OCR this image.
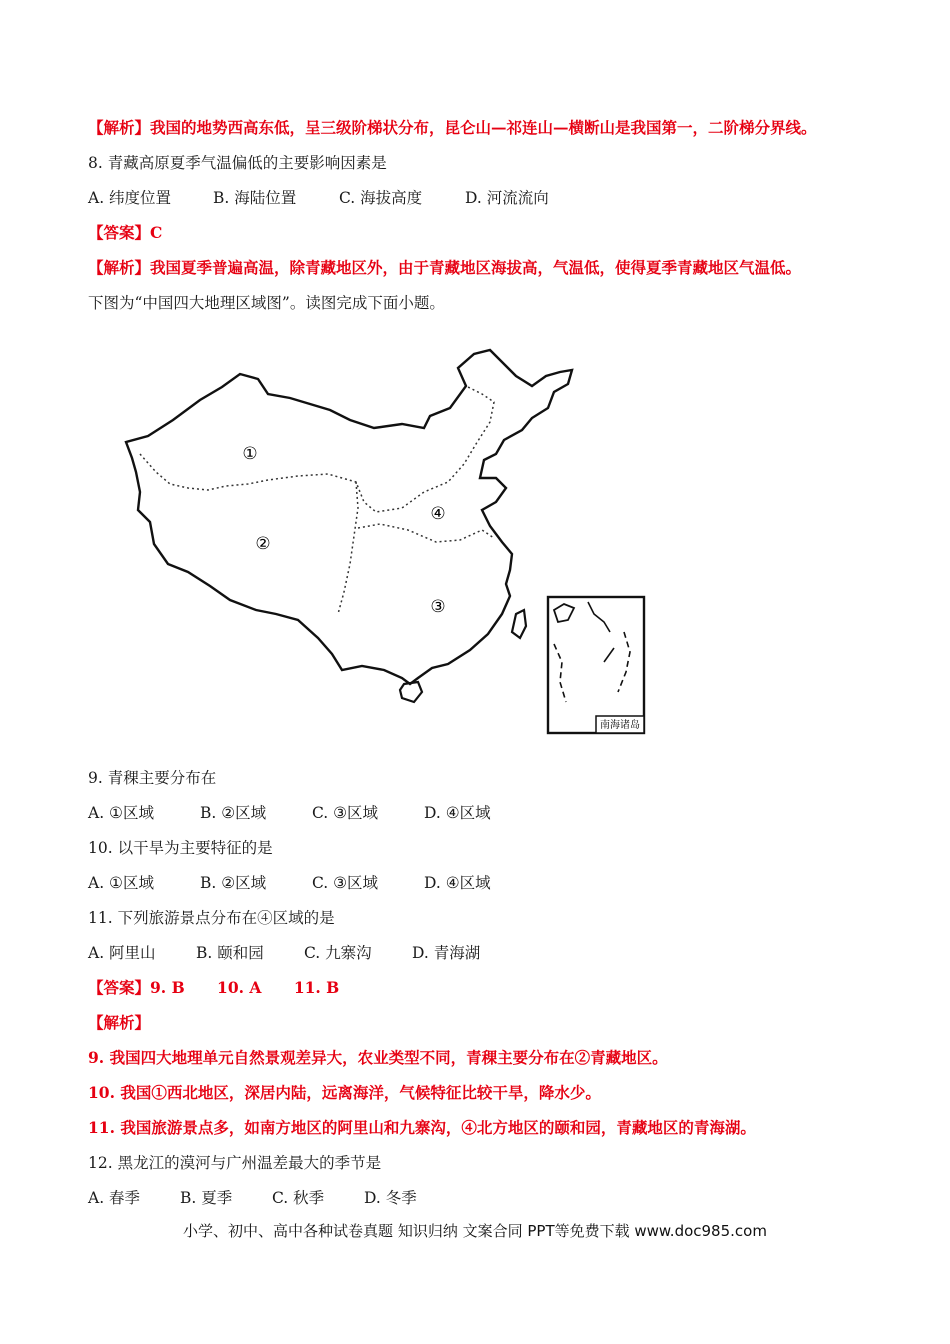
【解析】我国的地势西高东低，呈三级阶梯状分布，昆仑山—祁连山—横断山是我国第一，二阶梯分界线。
8. 青藏高原夏季气温偏低的主要影响因素是
A. 纬度位置	B. 海陆位置	C. 海拔高度	D. 河流流向
【答案】C
【解析】我国夏季普遍高温，除青藏地区外，由于青藏地区海拔高，气温低，使得夏季青藏地区气温低。
下图为“中国四大地理区域图”。读图完成下面小题。
①
②
③
④
南海诸岛
9. 青稞主要分布在
A. ①区域	B. ②区域	C. ③区域	D. ④区域
10. 以干旱为主要特征的是
A. ①区域	B. ②区域	C. ③区域	D. ④区域
11. 下列旅游景点分布在④区域的是
A. 阿里山	B. 颐和园	C. 九寨沟	D. 青海湖
【答案】9. B      10. A      11. B
【解析】
9. 我国四大地理单元自然景观差异大，农业类型不同，青稞主要分布在②青藏地区。
10. 我国①西北地区，深居内陆，远离海洋，气候特征比较干旱，降水少。
11. 我国旅游景点多，如南方地区的阿里山和九寨沟，④北方地区的颐和园，青藏地区的青海湖。
12. 黑龙江的漠河与广州温差最大的季节是
A. 春季	B. 夏季	C. 秋季	D. 冬季
小学、初中、高中各种试卷真题 知识归纳 文案合同 PPT等免费下载 www.doc985.com
